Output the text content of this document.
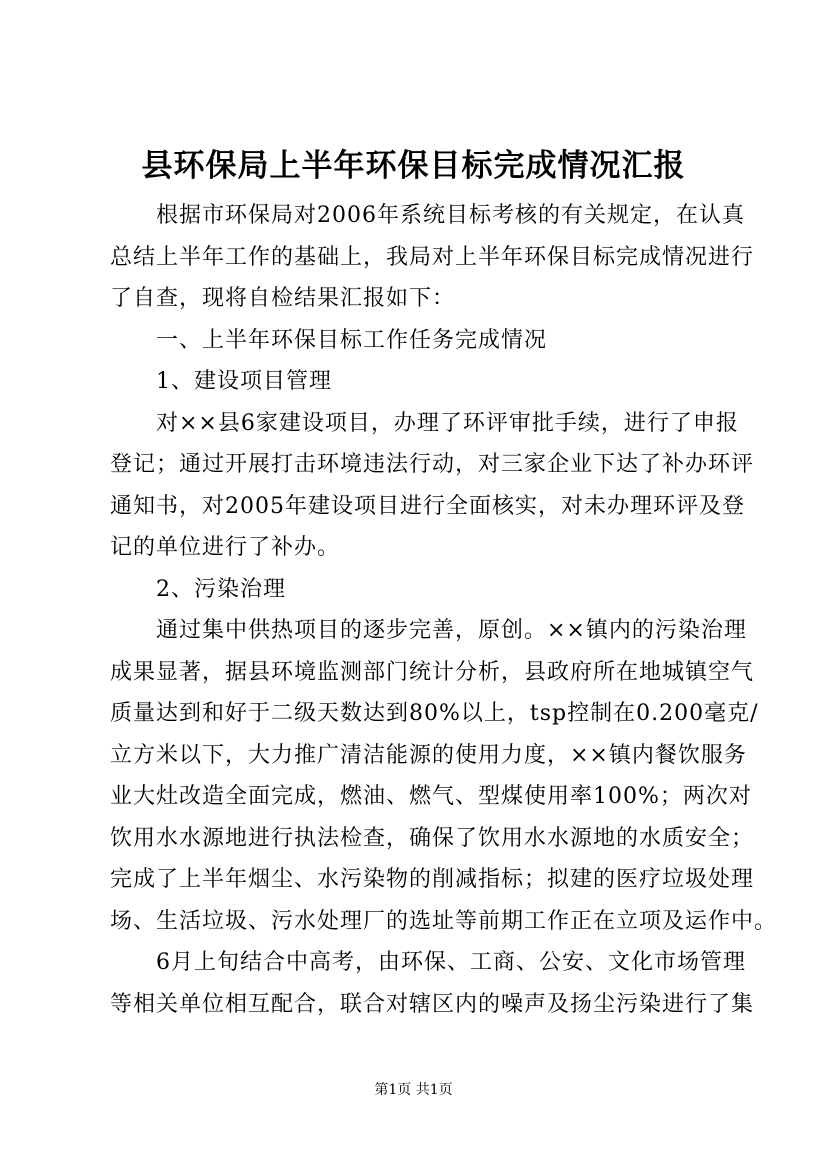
县环保局上半年环保目标完成情况汇报
根据市环保局对2006年系统目标考核的有关规定，在认真
总结上半年工作的基础上，我局对上半年环保目标完成情况进行
了自查，现将自检结果汇报如下：
一、上半年环保目标工作任务完成情况
1、建设项目管理
对××县6家建设项目，办理了环评审批手续，进行了申报
登记；通过开展打击环境违法行动，对三家企业下达了补办环评
通知书，对2005年建设项目进行全面核实，对未办理环评及登
记的单位进行了补办。
2、污染治理
通过集中供热项目的逐步完善，原创。××镇内的污染治理
成果显著，据县环境监测部门统计分析，县政府所在地城镇空气
质量达到和好于二级天数达到80%以上，tsp控制在0.200毫克/
立方米以下，大力推广清洁能源的使用力度，××镇内餐饮服务
业大灶改造全面完成，燃油、燃气、型煤使用率100%；两次对
饮用水水源地进行执法检查，确保了饮用水水源地的水质安全；
完成了上半年烟尘、水污染物的削减指标；拟建的医疗垃圾处理
场、生活垃圾、污水处理厂的选址等前期工作正在立项及运作中。
6月上旬结合中高考，由环保、工商、公安、文化市场管理
等相关单位相互配合，联合对辖区内的噪声及扬尘污染进行了集
第1页 共1页
